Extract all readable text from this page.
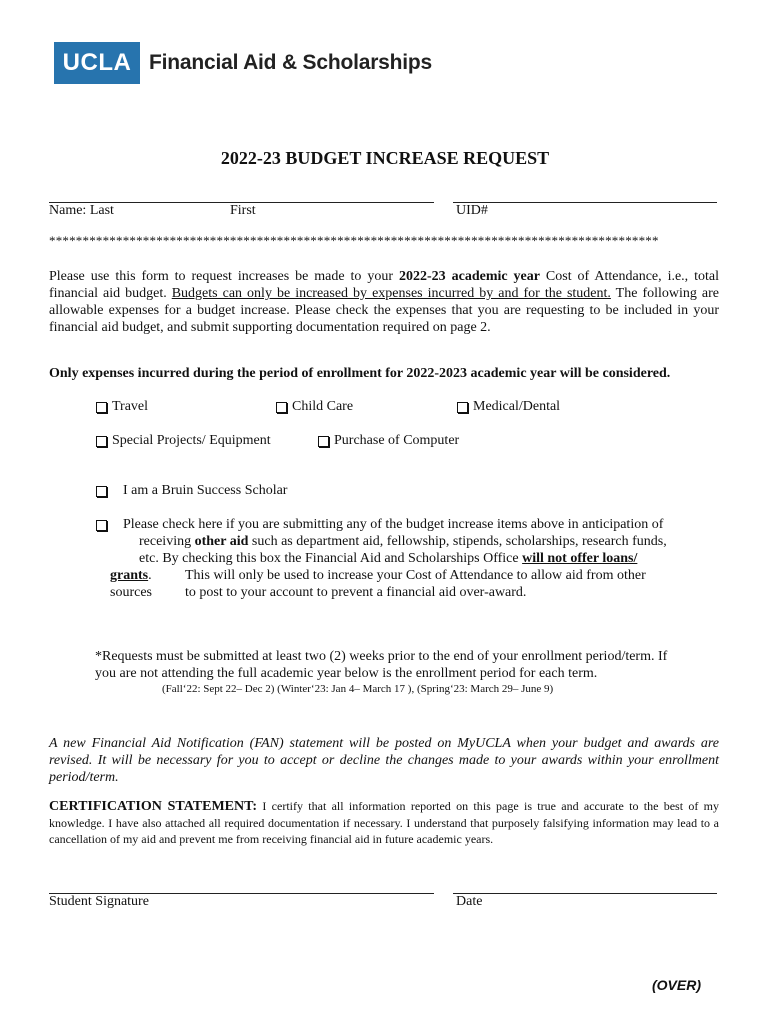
UCLA Financial Aid & Scholarships
2022-23 BUDGET INCREASE REQUEST
Name: Last	First	UID#
*******************************************************************************************
Please use this form to request increases be made to your 2022-23 academic year Cost of Attendance, i.e., total financial aid budget. Budgets can only be increased by expenses incurred by and for the student. The following are allowable expenses for a budget increase. Please check the expenses that you are requesting to be included in your financial aid budget, and submit supporting documentation required on page 2.
Only expenses incurred during the period of enrollment for 2022-2023 academic year will be considered.
Travel	Child Care	Medical/Dental
Special Projects/ Equipment	Purchase of Computer
I am a Bruin Success Scholar
Please check here if you are submitting any of the budget increase items above in anticipation of
receiving other aid such as department aid, fellowship, stipends, scholarships, research funds,
etc. By checking this box the Financial Aid and Scholarships Office will not offer loans/
grants. This will only be used to increase your Cost of Attendance to allow aid from other
sources to post to your account to prevent a financial aid over-award.
*Requests must be submitted at least two (2) weeks prior to the end of your enrollment period/term. If
you are not attending the full academic year below is the enrollment period for each term.
(Fall‘22: Sept 22– Dec 2) (Winter‘23: Jan 4– March 17 ), (Spring‘23: March 29– June 9)
A new Financial Aid Notification (FAN) statement will be posted on MyUCLA when your budget and awards are revised. It will be necessary for you to accept or decline the changes made to your awards within your enrollment period/term.
CERTIFICATION STATEMENT: I certify that all information reported on this page is true and accurate to the best of my knowledge. I have also attached all required documentation if necessary. I understand that purposely falsifying information may lead to a cancellation of my aid and prevent me from receiving financial aid in future academic years.
Student Signature	Date
(OVER)
